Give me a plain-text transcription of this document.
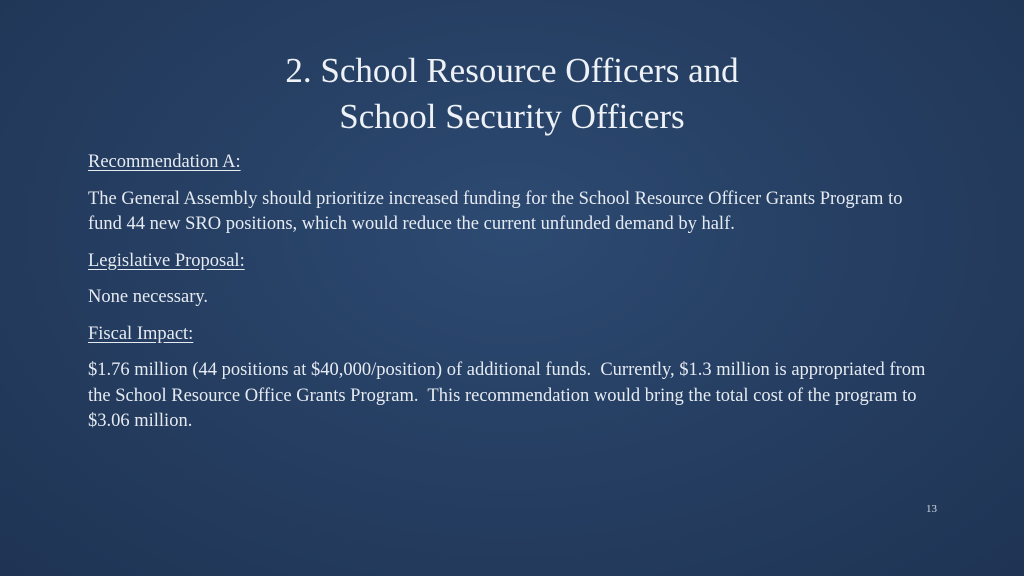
2. School Resource Officers and
School Security Officers
Recommendation A:
The General Assembly should prioritize increased funding for the School Resource Officer Grants Program to fund 44 new SRO positions, which would reduce the current unfunded demand by half.
Legislative Proposal:
None necessary.
Fiscal Impact:
$1.76 million (44 positions at $40,000/position) of additional funds.  Currently, $1.3 million is appropriated from the School Resource Office Grants Program.  This recommendation would bring the total cost of the program to $3.06 million.
13
